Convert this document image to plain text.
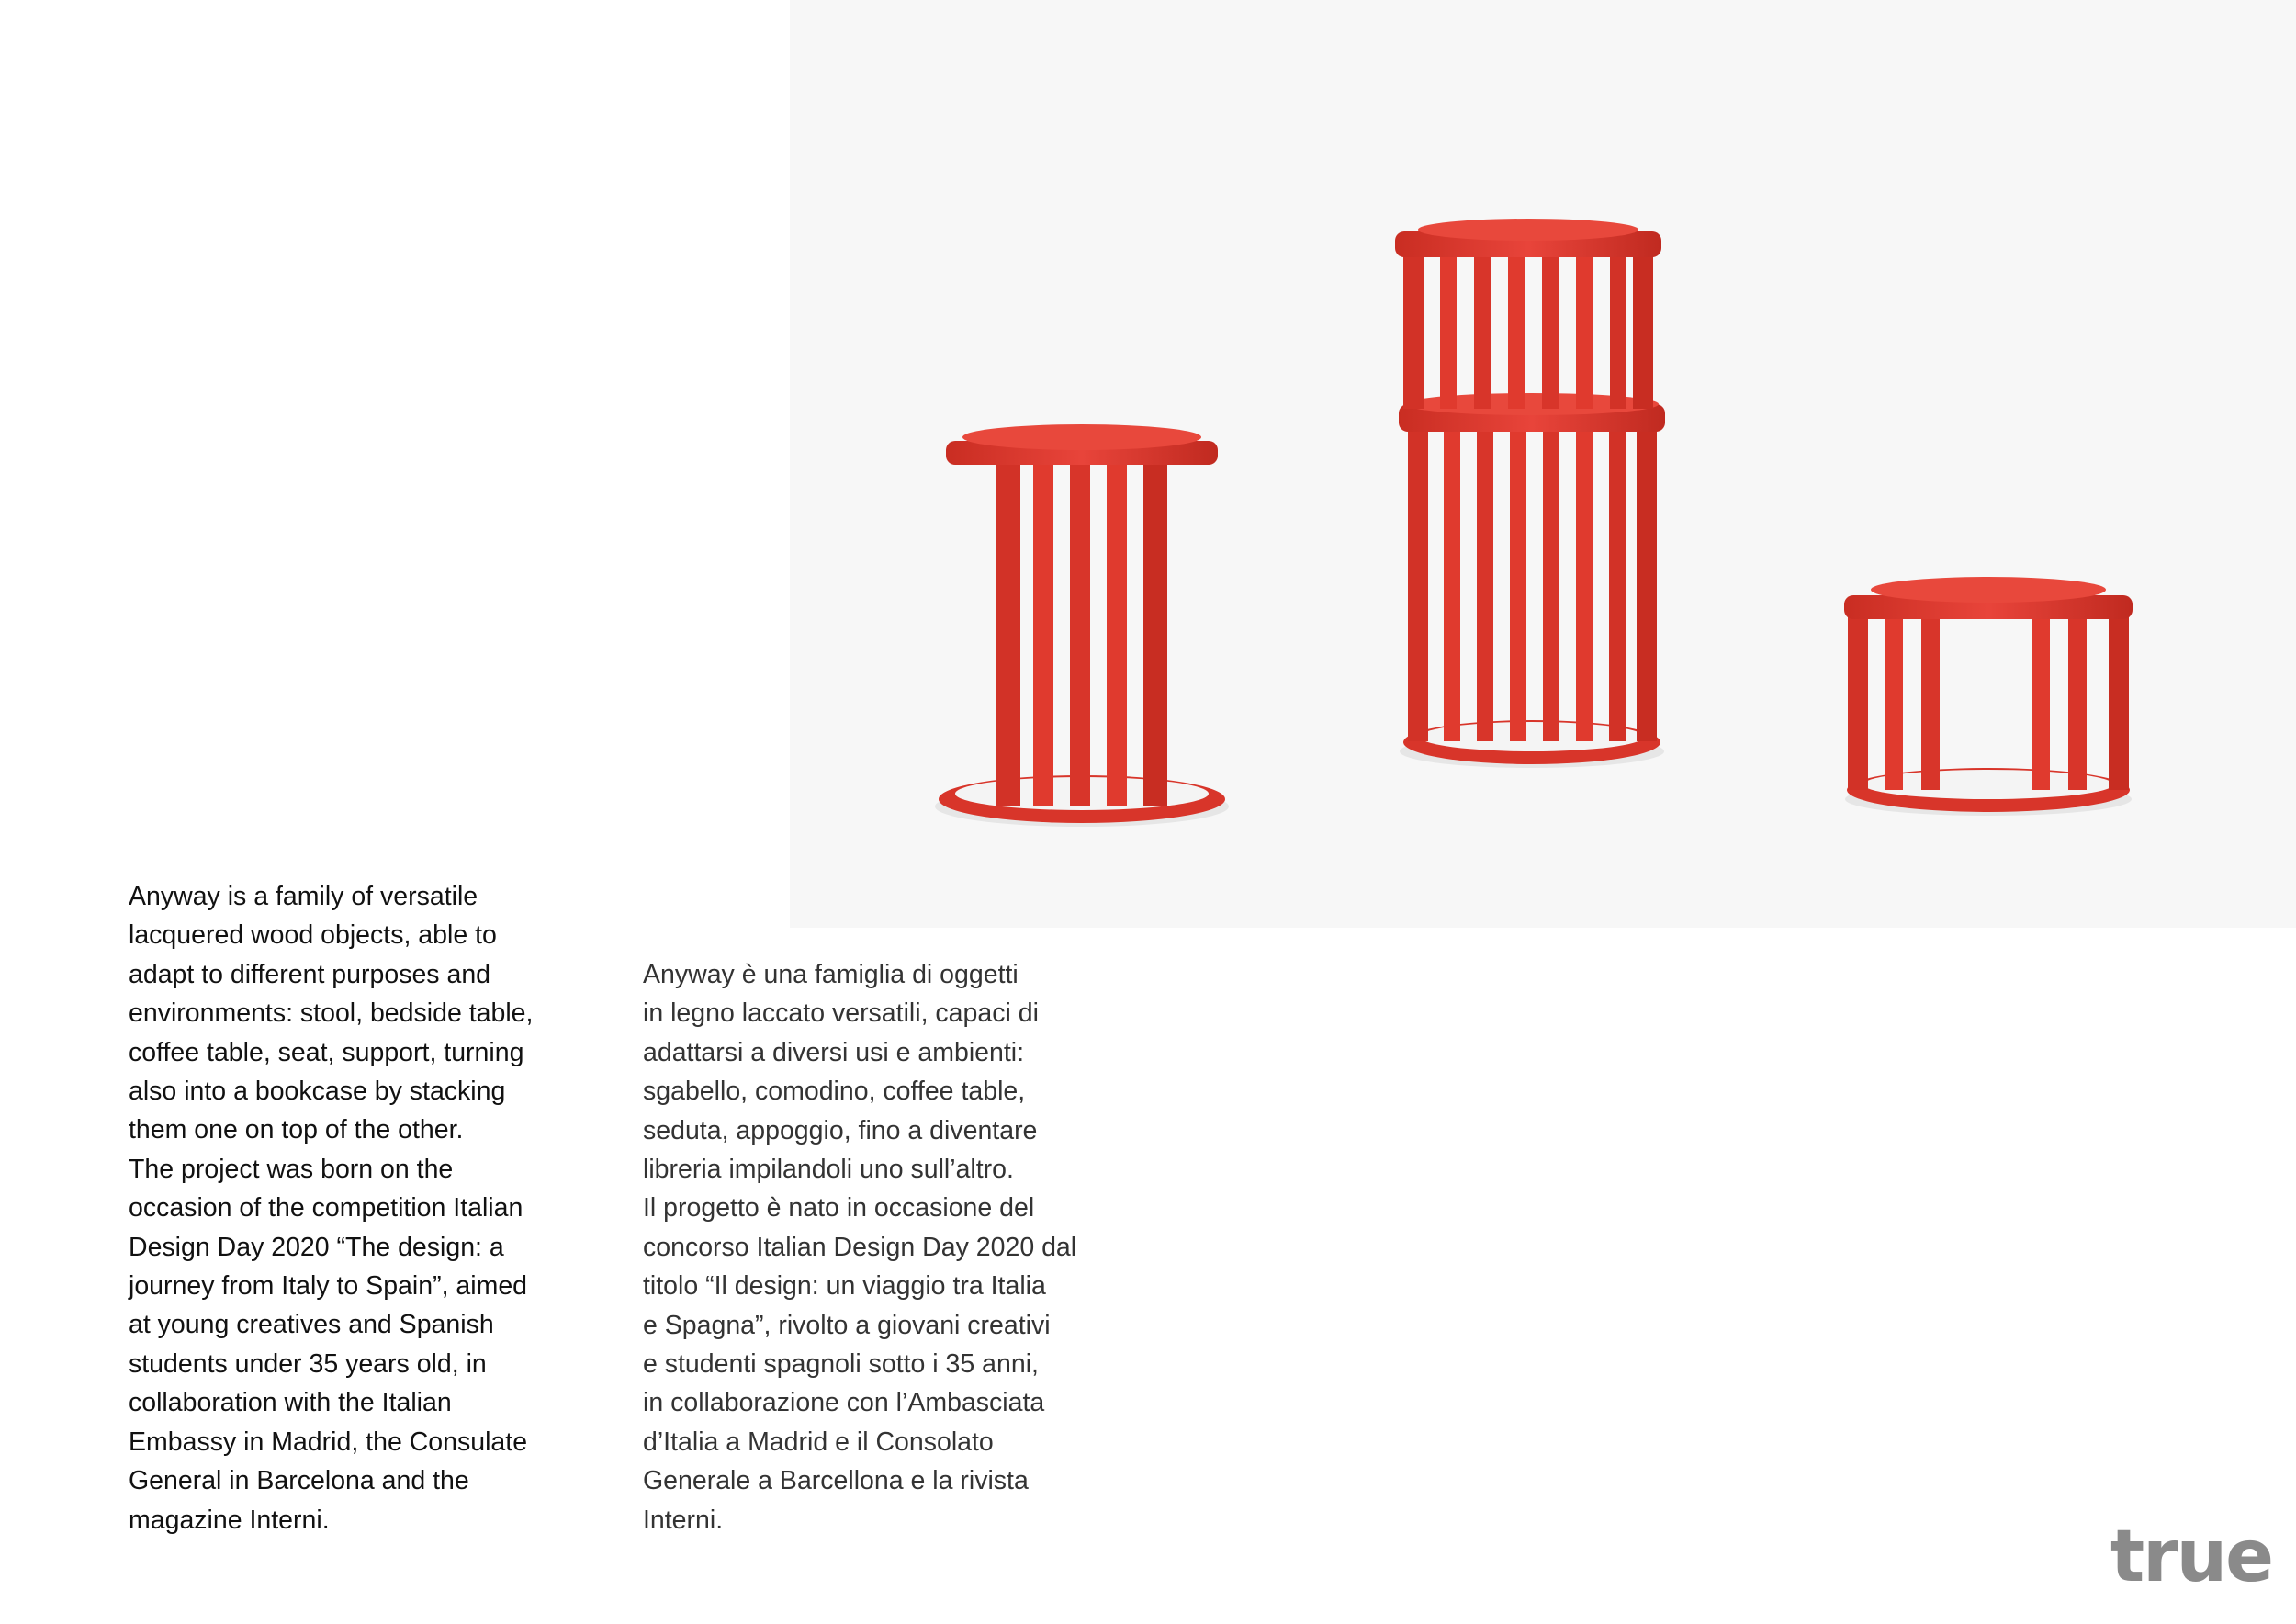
Anyway is a family of versatile
lacquered wood objects, able to
adapt to different purposes and
environments: stool, bedside table,
coffee table, seat, support, turning
also into a bookcase by stacking
them one on top of the other.
The project was born on the
occasion of the competition Italian
Design Day 2020 “The design: a
journey from Italy to Spain”, aimed
at young creatives and Spanish
students under 35 years old, in
collaboration with the Italian
Embassy in Madrid, the Consulate
General in Barcelona and the
magazine Interni.

Anyway è una famiglia di oggetti
in legno laccato versatili, capaci di
adattarsi a diversi usi e ambienti:
sgabello, comodino, coffee table,
seduta, appoggio, fino a diventare
libreria impilandoli uno sull’altro.
Il progetto è nato in occasione del
concorso Italian Design Day 2020 dal
titolo “Il design: un viaggio tra Italia
e Spagna”, rivolto a giovani creativi
e studenti spagnoli sotto i 35 anni,
in collaborazione con l’Ambasciata
d’Italia a Madrid e il Consolato
Generale a Barcellona e la rivista
Interni.	true
